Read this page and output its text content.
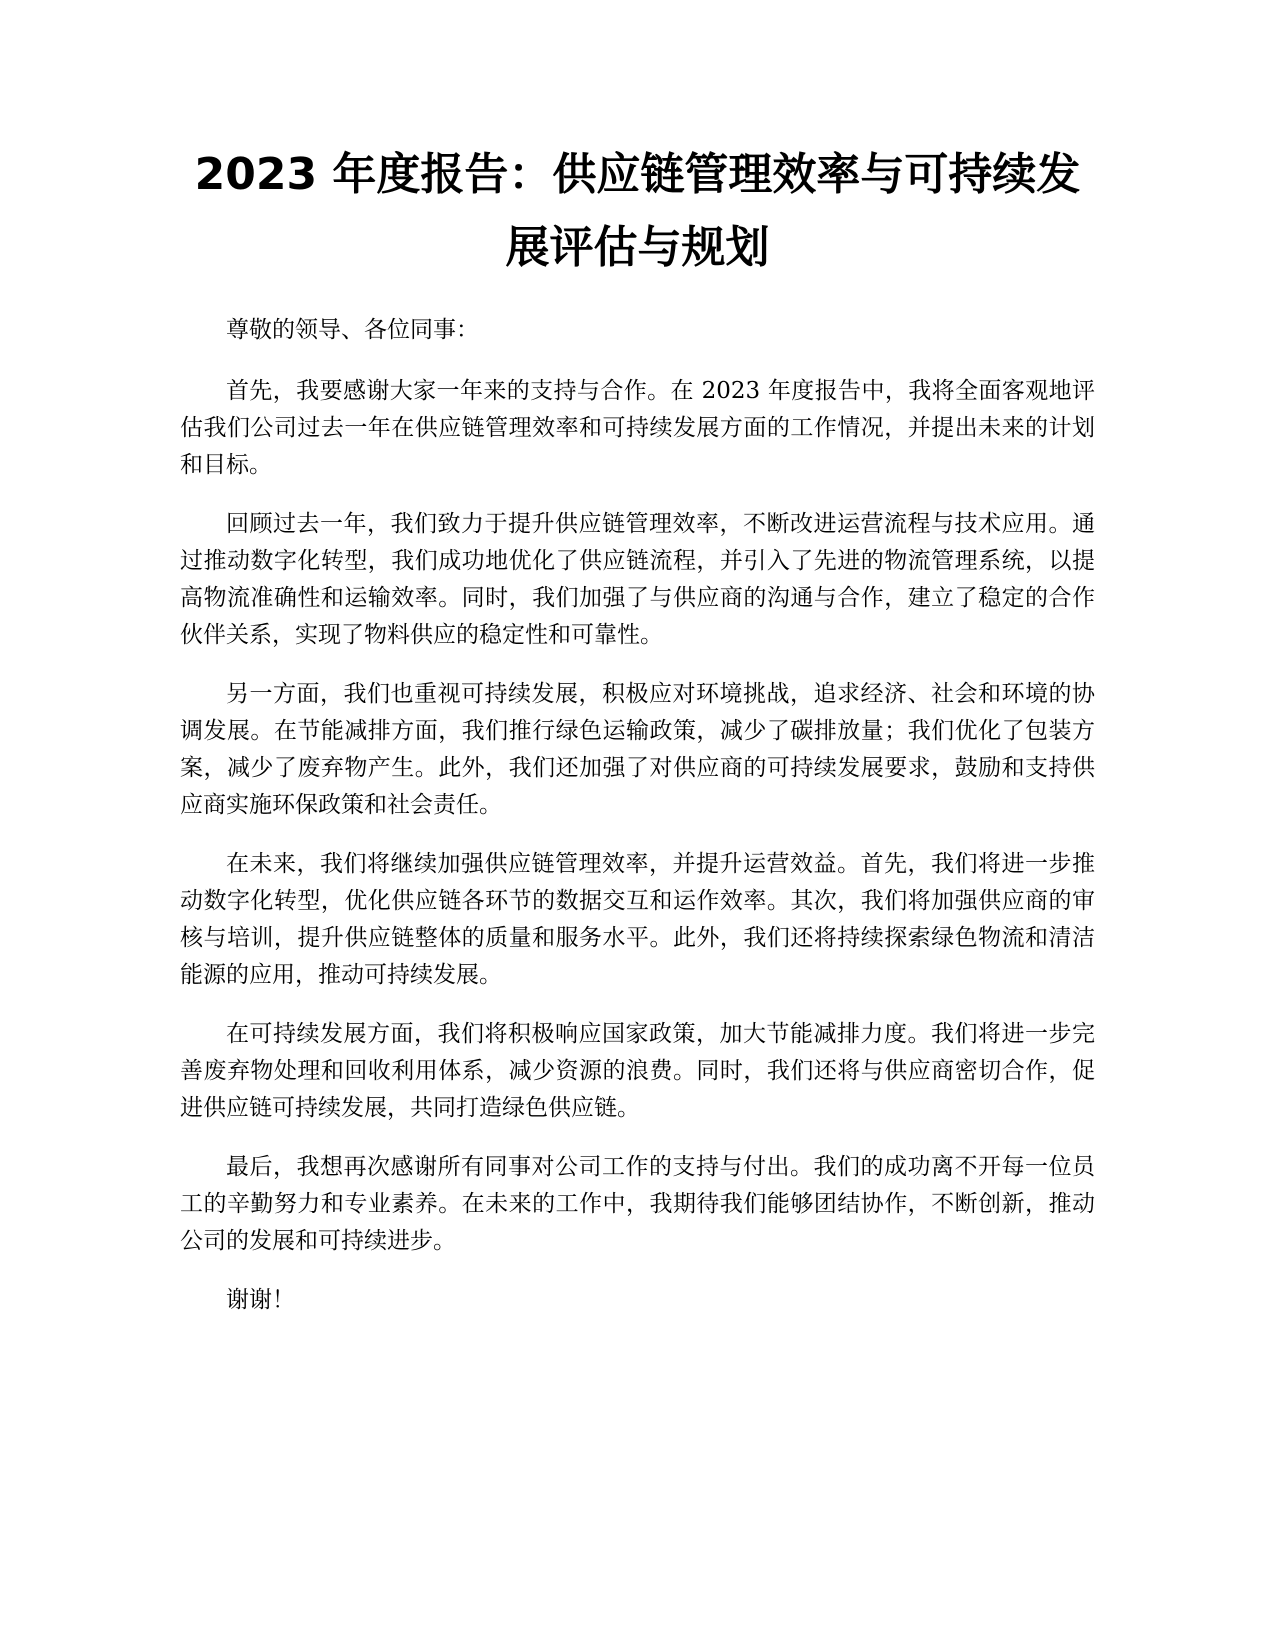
2023 年度报告：供应链管理效率与可持续发
展评估与规划

尊敬的领导、各位同事：

首先，我要感谢大家一年来的支持与合作。在 2023 年度报告中，我将全面客观地评估我们公司过去一年在供应链管理效率和可持续发展方面的工作情况，并提出未来的计划和目标。

回顾过去一年，我们致力于提升供应链管理效率，不断改进运营流程与技术应用。通过推动数字化转型，我们成功地优化了供应链流程，并引入了先进的物流管理系统，以提高物流准确性和运输效率。同时，我们加强了与供应商的沟通与合作，建立了稳定的合作伙伴关系，实现了物料供应的稳定性和可靠性。

另一方面，我们也重视可持续发展，积极应对环境挑战，追求经济、社会和环境的协调发展。在节能减排方面，我们推行绿色运输政策，减少了碳排放量；我们优化了包装方案，减少了废弃物产生。此外，我们还加强了对供应商的可持续发展要求，鼓励和支持供应商实施环保政策和社会责任。

在未来，我们将继续加强供应链管理效率，并提升运营效益。首先，我们将进一步推动数字化转型，优化供应链各环节的数据交互和运作效率。其次，我们将加强供应商的审核与培训，提升供应链整体的质量和服务水平。此外，我们还将持续探索绿色物流和清洁能源的应用，推动可持续发展。

在可持续发展方面，我们将积极响应国家政策，加大节能减排力度。我们将进一步完善废弃物处理和回收利用体系，减少资源的浪费。同时，我们还将与供应商密切合作，促进供应链可持续发展，共同打造绿色供应链。

最后，我想再次感谢所有同事对公司工作的支持与付出。我们的成功离不开每一位员工的辛勤努力和专业素养。在未来的工作中，我期待我们能够团结协作，不断创新，推动公司的发展和可持续进步。

谢谢！
